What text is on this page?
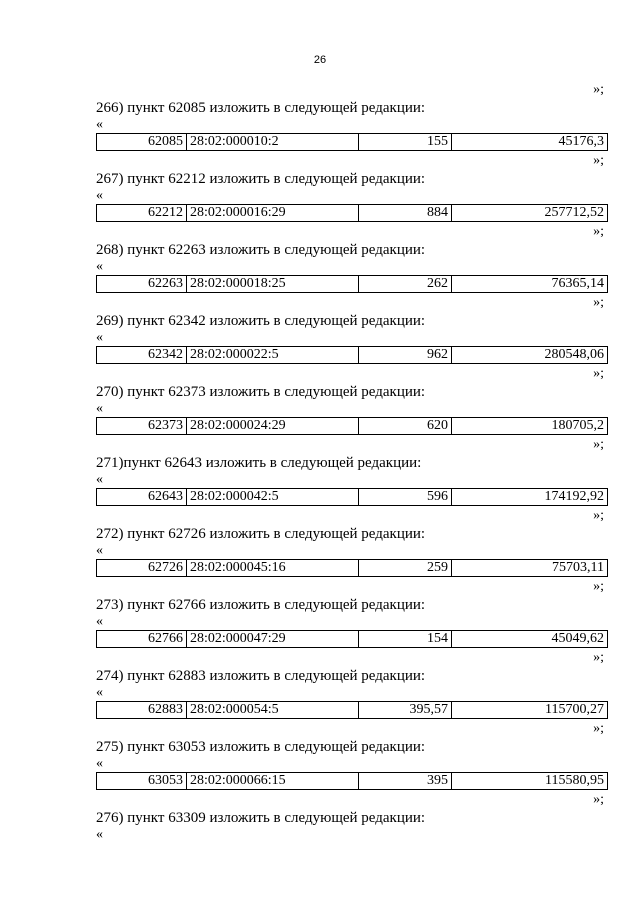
26
»;
266) пункт 62085 изложить в следующей редакции:
«
62085	28:02:000010:2	155	45176,3
»;
267) пункт 62212 изложить в следующей редакции:
«
62212	28:02:000016:29	884	257712,52
»;
268) пункт 62263 изложить в следующей редакции:
«
62263	28:02:000018:25	262	76365,14
»;
269) пункт 62342 изложить в следующей редакции:
«
62342	28:02:000022:5	962	280548,06
»;
270) пункт 62373 изложить в следующей редакции:
«
62373	28:02:000024:29	620	180705,2
»;
271)пункт 62643 изложить в следующей редакции:
«
62643	28:02:000042:5	596	174192,92
»;
272) пункт 62726 изложить в следующей редакции:
«
62726	28:02:000045:16	259	75703,11
»;
273) пункт 62766 изложить в следующей редакции:
«
62766	28:02:000047:29	154	45049,62
»;
274) пункт 62883 изложить в следующей редакции:
«
62883	28:02:000054:5	395,57	115700,27
»;
275) пункт 63053 изложить в следующей редакции:
«
63053	28:02:000066:15	395	115580,95
»;
276) пункт 63309 изложить в следующей редакции:
«
